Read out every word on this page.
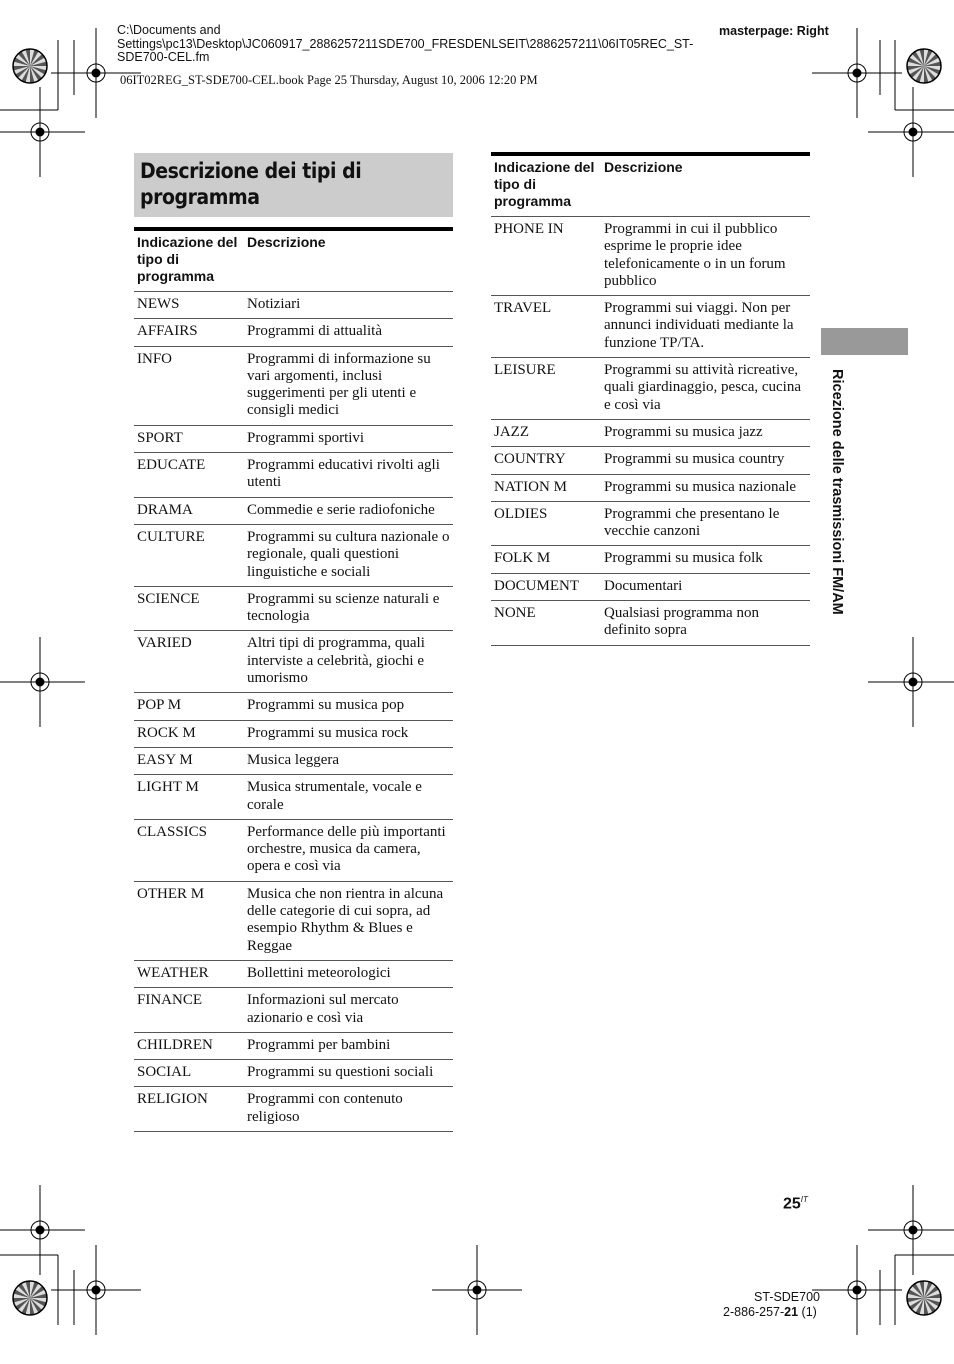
C:\Documents and Settings\pc13\Desktop\JC060917_2886257211SDE700_FRESDENLSEIT\2886257211\06IT05REC_ST-SDE700-CEL.fm
masterpage: Right
06IT02REG_ST-SDE700-CEL.book Page 25 Thursday, August 10, 2006 12:20 PM
Descrizione dei tipi di
programma
Indicazione del tipo di programma	Descrizione
NEWS	Notiziari
AFFAIRS	Programmi di attualità
INFO	Programmi di informazione su vari argomenti, inclusi suggerimenti per gli utenti e consigli medici
SPORT	Programmi sportivi
EDUCATE	Programmi educativi rivolti agli utenti
DRAMA	Commedie e serie radiofoniche
CULTURE	Programmi su cultura nazionale o regionale, quali questioni linguistiche e sociali
SCIENCE	Programmi su scienze naturali e tecnologia
VARIED	Altri tipi di programma, quali interviste a celebrità, giochi e umorismo
POP M	Programmi su musica pop
ROCK M	Programmi su musica rock
EASY M	Musica leggera
LIGHT M	Musica strumentale, vocale e corale
CLASSICS	Performance delle più importanti orchestre, musica da camera, opera e così via
OTHER M	Musica che non rientra in alcuna delle categorie di cui sopra, ad esempio Rhythm & Blues e Reggae
WEATHER	Bollettini meteorologici
FINANCE	Informazioni sul mercato azionario e così via
CHILDREN	Programmi per bambini
SOCIAL	Programmi su questioni sociali
RELIGION	Programmi con contenuto religioso
Indicazione del tipo di programma	Descrizione
PHONE IN	Programmi in cui il pubblico esprime le proprie idee telefonicamente o in un forum pubblico
TRAVEL	Programmi sui viaggi. Non per annunci individuati mediante la funzione TP/TA.
LEISURE	Programmi su attività ricreative, quali giardinaggio, pesca, cucina e così via
JAZZ	Programmi su musica jazz
COUNTRY	Programmi su musica country
NATION M	Programmi su musica nazionale
OLDIES	Programmi che presentano le vecchie canzoni
FOLK M	Programmi su musica folk
DOCUMENT	Documentari
NONE	Qualsiasi programma non definito sopra
Ricezione delle trasmissioni FM/AM
$25^{IT}$
ST-SDE700
2-886-257-21 (1)
